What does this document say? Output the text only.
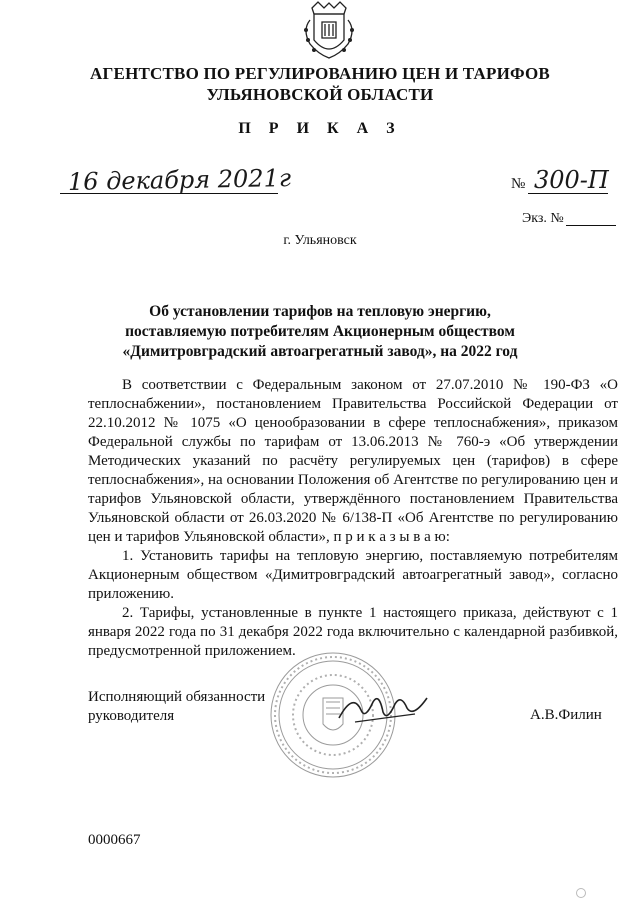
АГЕНТСТВО ПО РЕГУЛИРОВАНИЮ ЦЕН И ТАРИФОВ
УЛЬЯНОВСКОЙ ОБЛАСТИ
П Р И К А З
16 декабря 2021г	№ 300-П
Экз. №
г. Ульяновск
Об установлении тарифов на тепловую энергию, поставляемую потребителям Акционерным обществом «Димитровградский автоагрегатный завод», на 2022 год

В соответствии с Федеральным законом от 27.07.2010 № 190-ФЗ «О теплоснабжении», постановлением Правительства Российской Федерации от 22.10.2012 № 1075 «О ценообразовании в сфере теплоснабжения», приказом Федеральной службы по тарифам от 13.06.2013 № 760-э «Об утверждении Методических указаний по расчёту регулируемых цен (тарифов) в сфере теплоснабжения», на основании Положения об Агентстве по регулированию цен и тарифов Ульяновской области, утверждённого постановлением Правительства Ульяновской области от 26.03.2020 № 6/138-П «Об Агентстве по регулированию цен и тарифов Ульяновской области», п р и к а з ы в а ю:

1. Установить тарифы на тепловую энергию, поставляемую потребителям Акционерным обществом «Димитровградский автоагрегатный завод», согласно приложению.

2. Тарифы, установленные в пункте 1 настоящего приказа, действуют с 1 января 2022 года по 31 декабря 2022 года включительно с календарной разбивкой, предусмотренной приложением.

Исполняющий обязанности
руководителя	А.В.Филин
0000667
